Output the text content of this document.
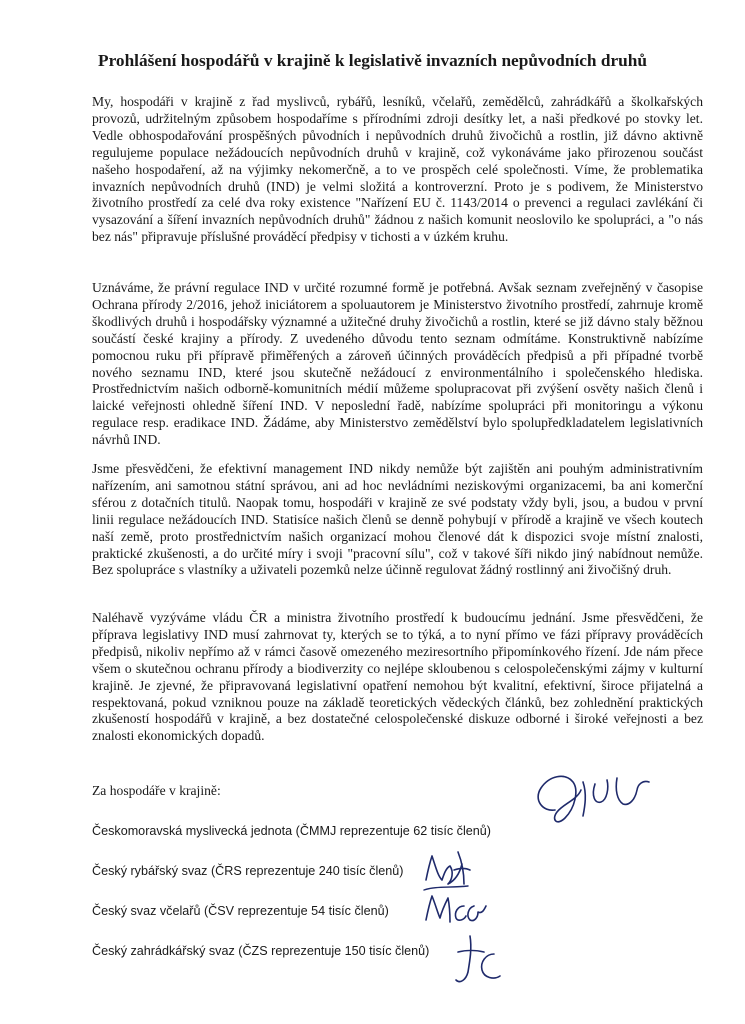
Prohlášení hospodářů v krajině k legislativě invazních nepůvodních druhů

My, hospodáři v krajině z řad myslivců, rybářů, lesníků, včelařů, zemědělců, zahrádkářů a školkařských provozů, udržitelným způsobem hospodaříme s přírodními zdroji desítky let, a naši předkové po stovky let. Vedle obhospodařování prospěšných původních i nepůvodních druhů živočichů a rostlin, již dávno aktivně regulujeme populace nežádoucích nepůvodních druhů v krajině, což vykonáváme jako přirozenou součást našeho hospodaření, až na výjimky nekomerčně, a to ve prospěch celé společnosti. Víme, že problematika invazních nepůvodních druhů (IND) je velmi složitá a kontroverzní. Proto je s podivem, že Ministerstvo životního prostředí za celé dva roky existence "Nařízení EU č. 1143/2014 o prevenci a regulaci zavlékání či vysazování a šíření invazních nepůvodních druhů" žádnou z našich komunit neoslovilo ke spolupráci, a "o nás bez nás" připravuje příslušné prováděcí předpisy v tichosti a v úzkém kruhu.

Uznáváme, že právní regulace IND v určité rozumné formě je potřebná. Avšak seznam zveřejněný v časopise Ochrana přírody 2/2016, jehož iniciátorem a spoluautorem je Ministerstvo životního prostředí, zahrnuje kromě škodlivých druhů i hospodářsky významné a užitečné druhy živočichů a rostlin, které se již dávno staly běžnou součástí české krajiny a přírody. Z uvedeného důvodu tento seznam odmítáme. Konstruktivně nabízíme pomocnou ruku při přípravě přiměřených a zároveň účinných prováděcích předpisů a při případné tvorbě nového seznamu IND, které jsou skutečně nežádoucí z environmentálního i společenského hlediska. Prostřednictvím našich odborně-komunitních médií můžeme spolupracovat při zvýšení osvěty našich členů i laické veřejnosti ohledně šíření IND. V neposlední řadě, nabízíme spolupráci při monitoringu a výkonu regulace resp. eradikace IND. Žádáme, aby Ministerstvo zemědělství bylo spolupředkladatelem legislativních návrhů IND.

Jsme přesvědčeni, že efektivní management IND nikdy nemůže být zajištěn ani pouhým administrativním nařízením, ani samotnou státní správou, ani ad hoc nevládními neziskovými organizacemi, ba ani komerční sférou z dotačních titulů. Naopak tomu, hospodáři v krajině ze své podstaty vždy byli, jsou, a budou v první linii regulace nežádoucích IND. Statisíce našich členů se denně pohybují v přírodě a krajině ve všech koutech naší země, proto prostřednictvím našich organizací mohou členové dát k dispozici svoje místní znalosti, praktické zkušenosti, a do určité míry i svoji "pracovní sílu", což v takové šíři nikdo jiný nabídnout nemůže. Bez spolupráce s vlastníky a uživateli pozemků nelze účinně regulovat žádný rostlinný ani živočišný druh.

Naléhavě vyzýváme vládu ČR a ministra životního prostředí k budoucímu jednání. Jsme přesvědčeni, že příprava legislativy IND musí zahrnovat ty, kterých se to týká, a to nyní přímo ve fázi přípravy prováděcích předpisů, nikoliv nepřímo až v rámci časově omezeného meziresortního připomínkového řízení. Jde nám přece všem o skutečnou ochranu přírody a biodiverzity co nejlépe skloubenou s celospolečenskými zájmy v kulturní krajině. Je zjevné, že připravovaná legislativní opatření nemohou být kvalitní, efektivní, široce přijatelná a respektovaná, pokud vzniknou pouze na základě teoretických vědeckých článků, bez zohlednění praktických zkušeností hospodářů v krajině, a bez dostatečné celospolečenské diskuze odborné i široké veřejnosti a bez znalosti ekonomických dopadů.

Za hospodáře v krajině:

Českomoravská myslivecká jednota (ČMMJ reprezentuje 62 tisíc členů)
Český rybářský svaz (ČRS reprezentuje 240 tisíc členů)
Český svaz včelařů (ČSV reprezentuje 54 tisíc členů)
Český zahrádkářský svaz (ČZS reprezentuje 150 tisíc členů)
